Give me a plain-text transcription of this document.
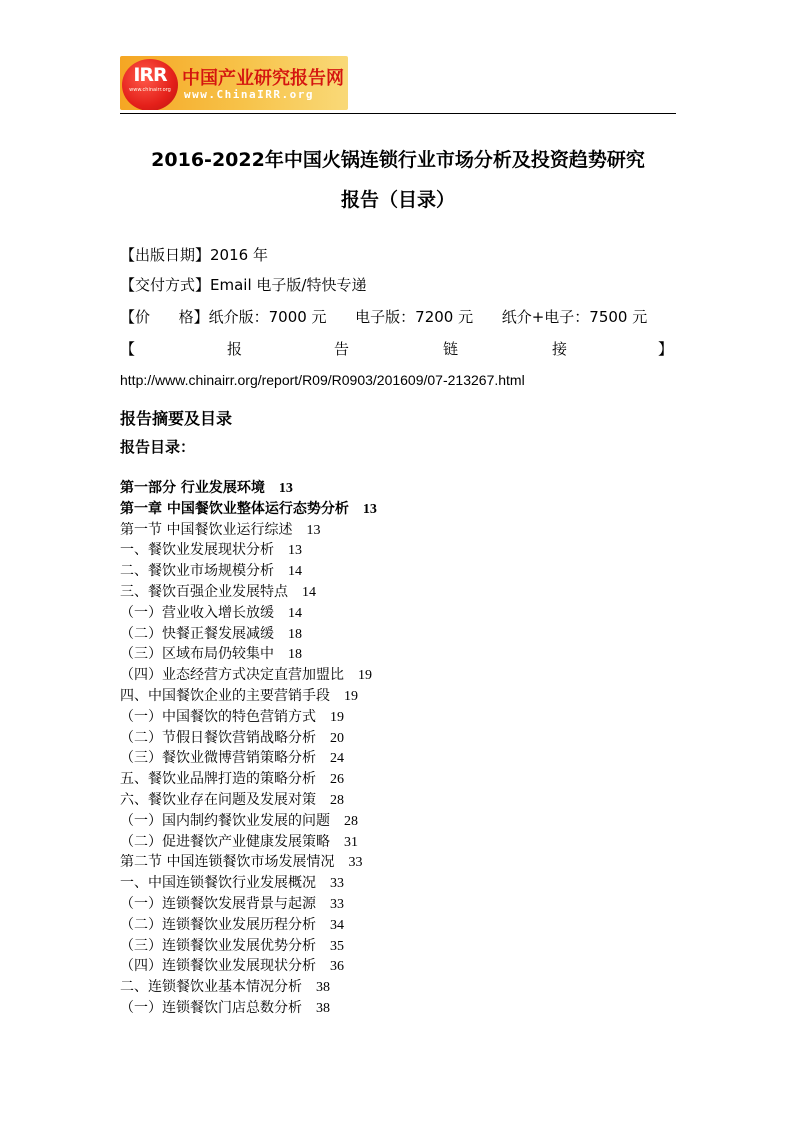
IRR
www.chinairr.org
中国产业研究报告网
www.ChinaIRR.org
2016-2022年中国火锅连锁行业市场分析及投资趋势研究
报告（目录）
【出版日期】2016 年
【交付方式】Email 电子版/特快专递
【价      格】纸介版：7000 元      电子版：7200 元      纸介+电子：7500 元
【	报	告	链	接	】
http://www.chinairr.org/report/R09/R0903/201609/07-213267.html
报告摘要及目录
报告目录：
第一部分 行业发展环境 13
第一章 中国餐饮业整体运行态势分析 13
第一节 中国餐饮业运行综述 13
一、餐饮业发展现状分析 13
二、餐饮业市场规模分析 14
三、餐饮百强企业发展特点 14
（一）营业收入增长放缓 14
（二）快餐正餐发展减缓 18
（三）区域布局仍较集中 18
（四）业态经营方式决定直营加盟比 19
四、中国餐饮企业的主要营销手段 19
（一）中国餐饮的特色营销方式 19
（二）节假日餐饮营销战略分析 20
（三）餐饮业微博营销策略分析 24
五、餐饮业品牌打造的策略分析 26
六、餐饮业存在问题及发展对策 28
（一）国内制约餐饮业发展的问题 28
（二）促进餐饮产业健康发展策略 31
第二节 中国连锁餐饮市场发展情况 33
一、中国连锁餐饮行业发展概况 33
（一）连锁餐饮发展背景与起源 33
（二）连锁餐饮业发展历程分析 34
（三）连锁餐饮业发展优势分析 35
（四）连锁餐饮业发展现状分析 36
二、连锁餐饮业基本情况分析 38
（一）连锁餐饮门店总数分析 38
